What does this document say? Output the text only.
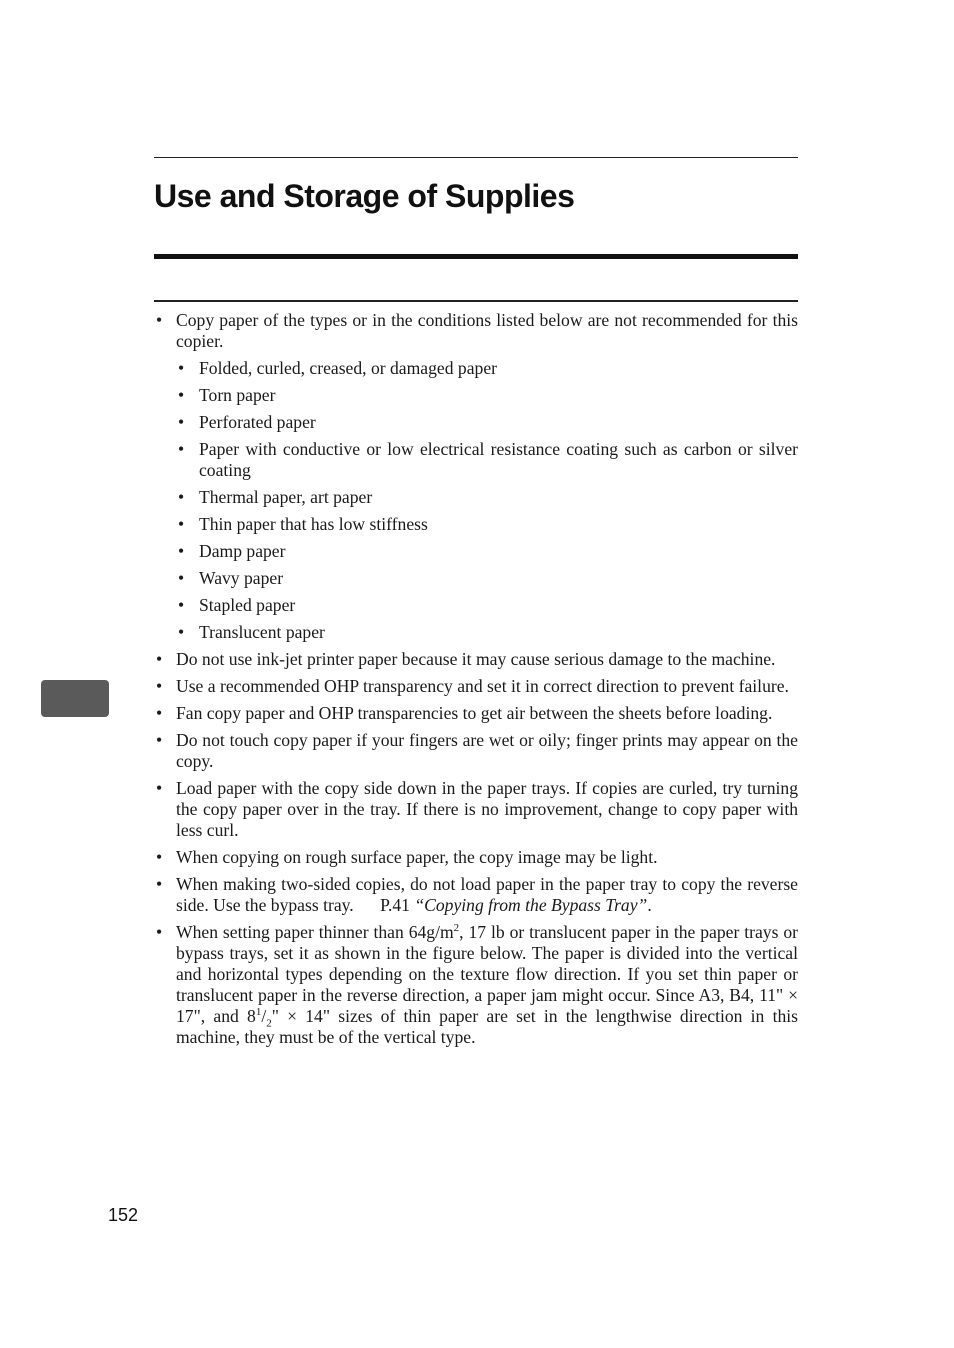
Use and Storage of Supplies
• Copy paper of the types or in the conditions listed below are not recommended for this copier.
• Folded, curled, creased, or damaged paper
• Torn paper
• Perforated paper
• Paper with conductive or low electrical resistance coating such as carbon or silver coating
• Thermal paper, art paper
• Thin paper that has low stiffness
• Damp paper
• Wavy paper
• Stapled paper
• Translucent paper
• Do not use ink-jet printer paper because it may cause serious damage to the machine.
• Use a recommended OHP transparency and set it in correct direction to prevent failure.
• Fan copy paper and OHP transparencies to get air between the sheets before loading.
• Do not touch copy paper if your fingers are wet or oily; finger prints may appear on the copy.
• Load paper with the copy side down in the paper trays. If copies are curled, try turning the copy paper over in the tray. If there is no improvement, change to copy paper with less curl.
• When copying on rough surface paper, the copy image may be light.
• When making two-sided copies, do not load paper in the paper tray to copy the reverse side. Use the bypass tray. P.41 “Copying from the Bypass Tray”.
• When setting paper thinner than $64g/m^2$, 17 lb or translucent paper in the paper trays or bypass trays, set it as shown in the figure below. The paper is divided into the vertical and horizontal types depending on the texture flow direction. If you set thin paper or translucent paper in the reverse direction, a paper jam might occur. Since A3, B4, 11" × 17", and $8^1/_2$" × 14" sizes of thin paper are set in the lengthwise direction in this machine, they must be of the vertical type.
152
